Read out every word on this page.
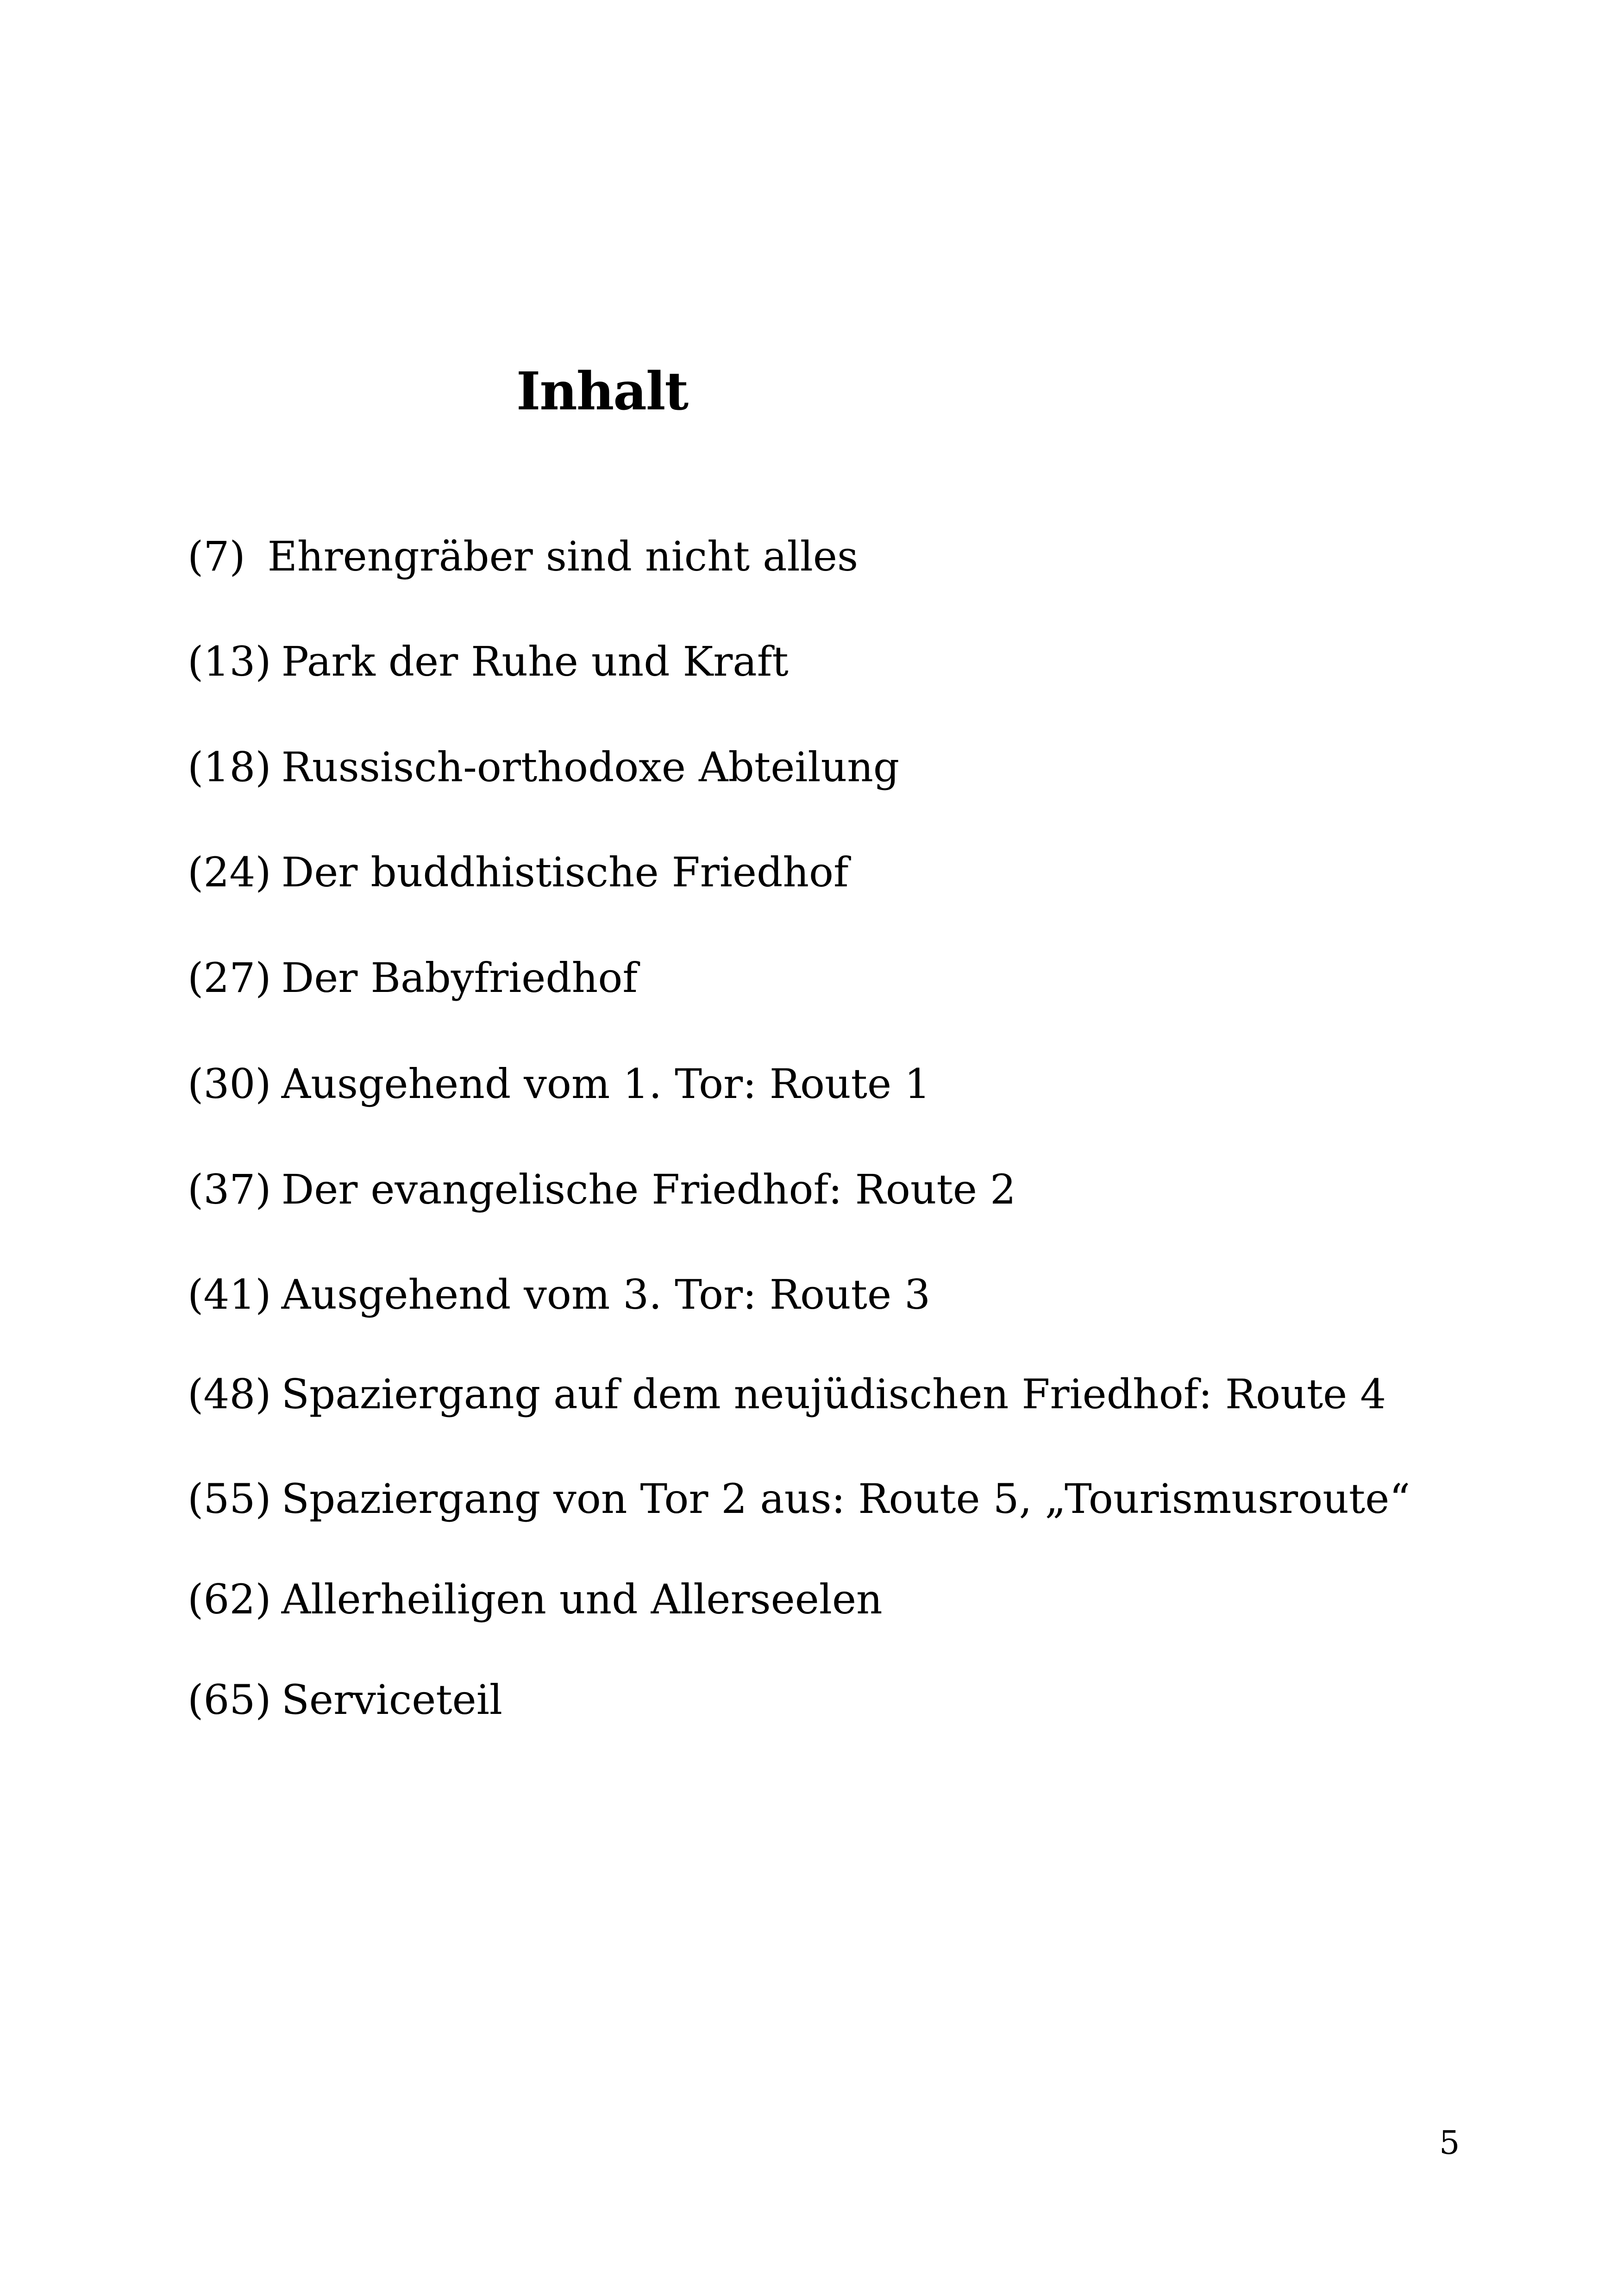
Inhalt
(7) Ehrengräber sind nicht alles
(13) Park der Ruhe und Kraft
(18) Russisch-orthodoxe Abteilung
(24) Der buddhistische Friedhof
(27) Der Babyfriedhof
(30) Ausgehend vom 1. Tor: Route 1
(37) Der evangelische Friedhof: Route 2
(41) Ausgehend vom 3. Tor: Route 3
(48) Spaziergang auf dem neujüdischen Friedhof: Route 4
(55) Spaziergang von Tor 2 aus: Route 5, „Tourismusroute“
(62) Allerheiligen und Allerseelen
(65) Serviceteil
5
